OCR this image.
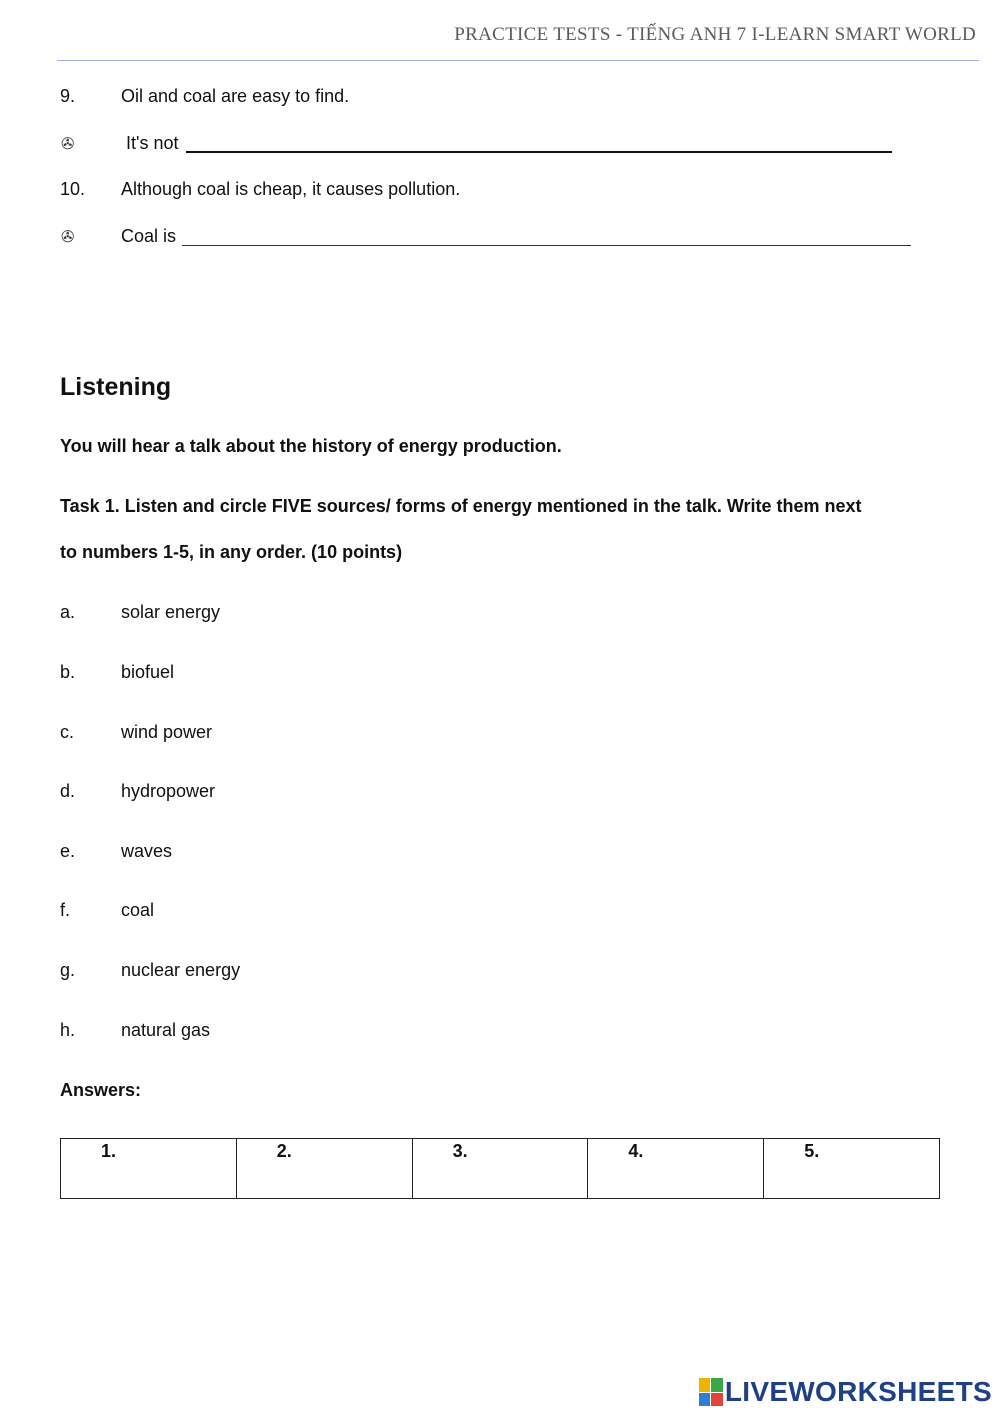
PRACTICE TESTS - TIẾNG ANH 7 I-LEARN SMART WORLD
9.	Oil and coal are easy to find.
✇	It's not
10. Although coal is cheap, it causes pollution.
✇	Coal is
Listening
You will hear a talk about the history of energy production.
Task 1. Listen and circle FIVE sources/ forms of energy mentioned in the talk. Write them next
to numbers 1-5, in any order. (10 points)
a.	solar energy
b.	biofuel
c.	wind power
d.	hydropower
e.	waves
f.	coal
g.	nuclear energy
h.	natural gas
Answers:
1.	2.	3.	4.	5.
LIVEWORKSHEETS
